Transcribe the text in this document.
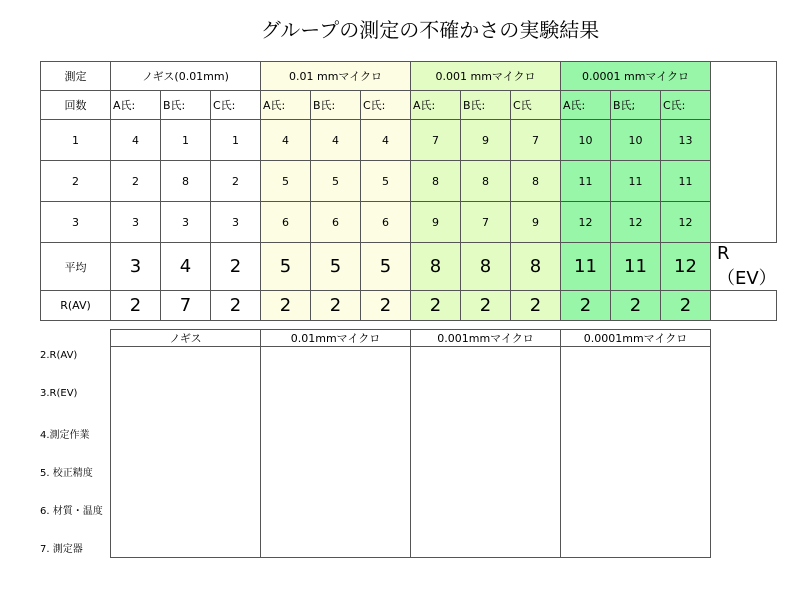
グループの測定の不確かさの実験結果
測定	ノギス(0.01mm)			0.01 mmマイクロ			0.001 mmマイクロ			0.0001 mmマイクロ			
回数	A氏:	B氏:	C氏:	A氏:	B氏:	C氏:	A氏:	B氏:	C氏	A氏:	B氏;	C氏:	
1	4	1	1	4	4	4	7	9	7	10	10	13	
2	2	8	2	5	5	5	8	8	8	11	11	11	
3	3	3	3	6	6	6	9	7	9	12	12	12	
平均	3	4	2	5	5	5	8	8	8	11	11	12	R（EV）
R(AV)	2	7	2	2	2	2	2	2	2	2	2	2	
ノギス	0.01mmマイクロ	0.001mmマイクロ	0.0001mmマイクロ

2.R(AV)
3.R(EV)
4.測定作業
5. 校正精度
6. 材質・温度
7. 測定器
